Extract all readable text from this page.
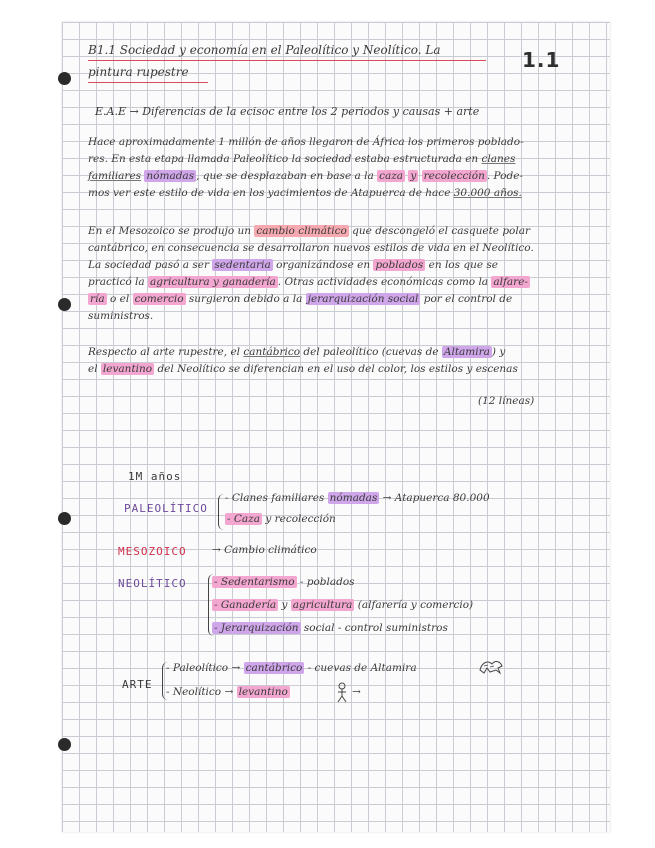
B1.1 Sociedad y economía en el Paleolítico y Neolítico. La
pintura rupestre	1.1
E.A.E → Diferencias de la ecisoc entre los 2 periodos y causas + arte
Hace aproximadamente 1 millón de años llegaron de África los primeros poblado-
res. En esta etapa llamada Paleolítico la sociedad estaba estructurada en clanes
familiares nómadas , que se desplazaban en base a la caza y recolección . Pode-
mos ver este estilo de vida en los yacimientos de Atapuerca de hace 30.000 años.
En el Mesozoico se produjo un cambio climático que descongeló el casquete polar
cantábrico, en consecuencia se desarrollaron nuevos estilos de vida en el Neolítico.
La sociedad pasó a ser sedentaria organizándose en poblados en los que se
practicó la agricultura y ganadería . Otras actividades económicas como la alfare-
ría o el comercio surgieron debido a la jerarquización social por el control de
suministros.
Respecto al arte rupestre, el cantábrico del paleolítico (cuevas de Altamira ) y
el levantino del Neolítico se diferencian en el uso del color, los estilos y escenas
(12 líneas)
1M años
PALEOLÍTICO
- Clanes familiares nómadas → Atapuerca 80.000
- Caza y recolección
MESOZOICO → Cambio climático
NEOLÍTICO	- Sedentarismo - poblados
- Ganadería y agricultura (alfarería y comercio)
- Jerarquización social - control suministros
ARTE
- Paleolítico → cantábrico - cuevas de Altamira
- Neolítico → levantino	→
